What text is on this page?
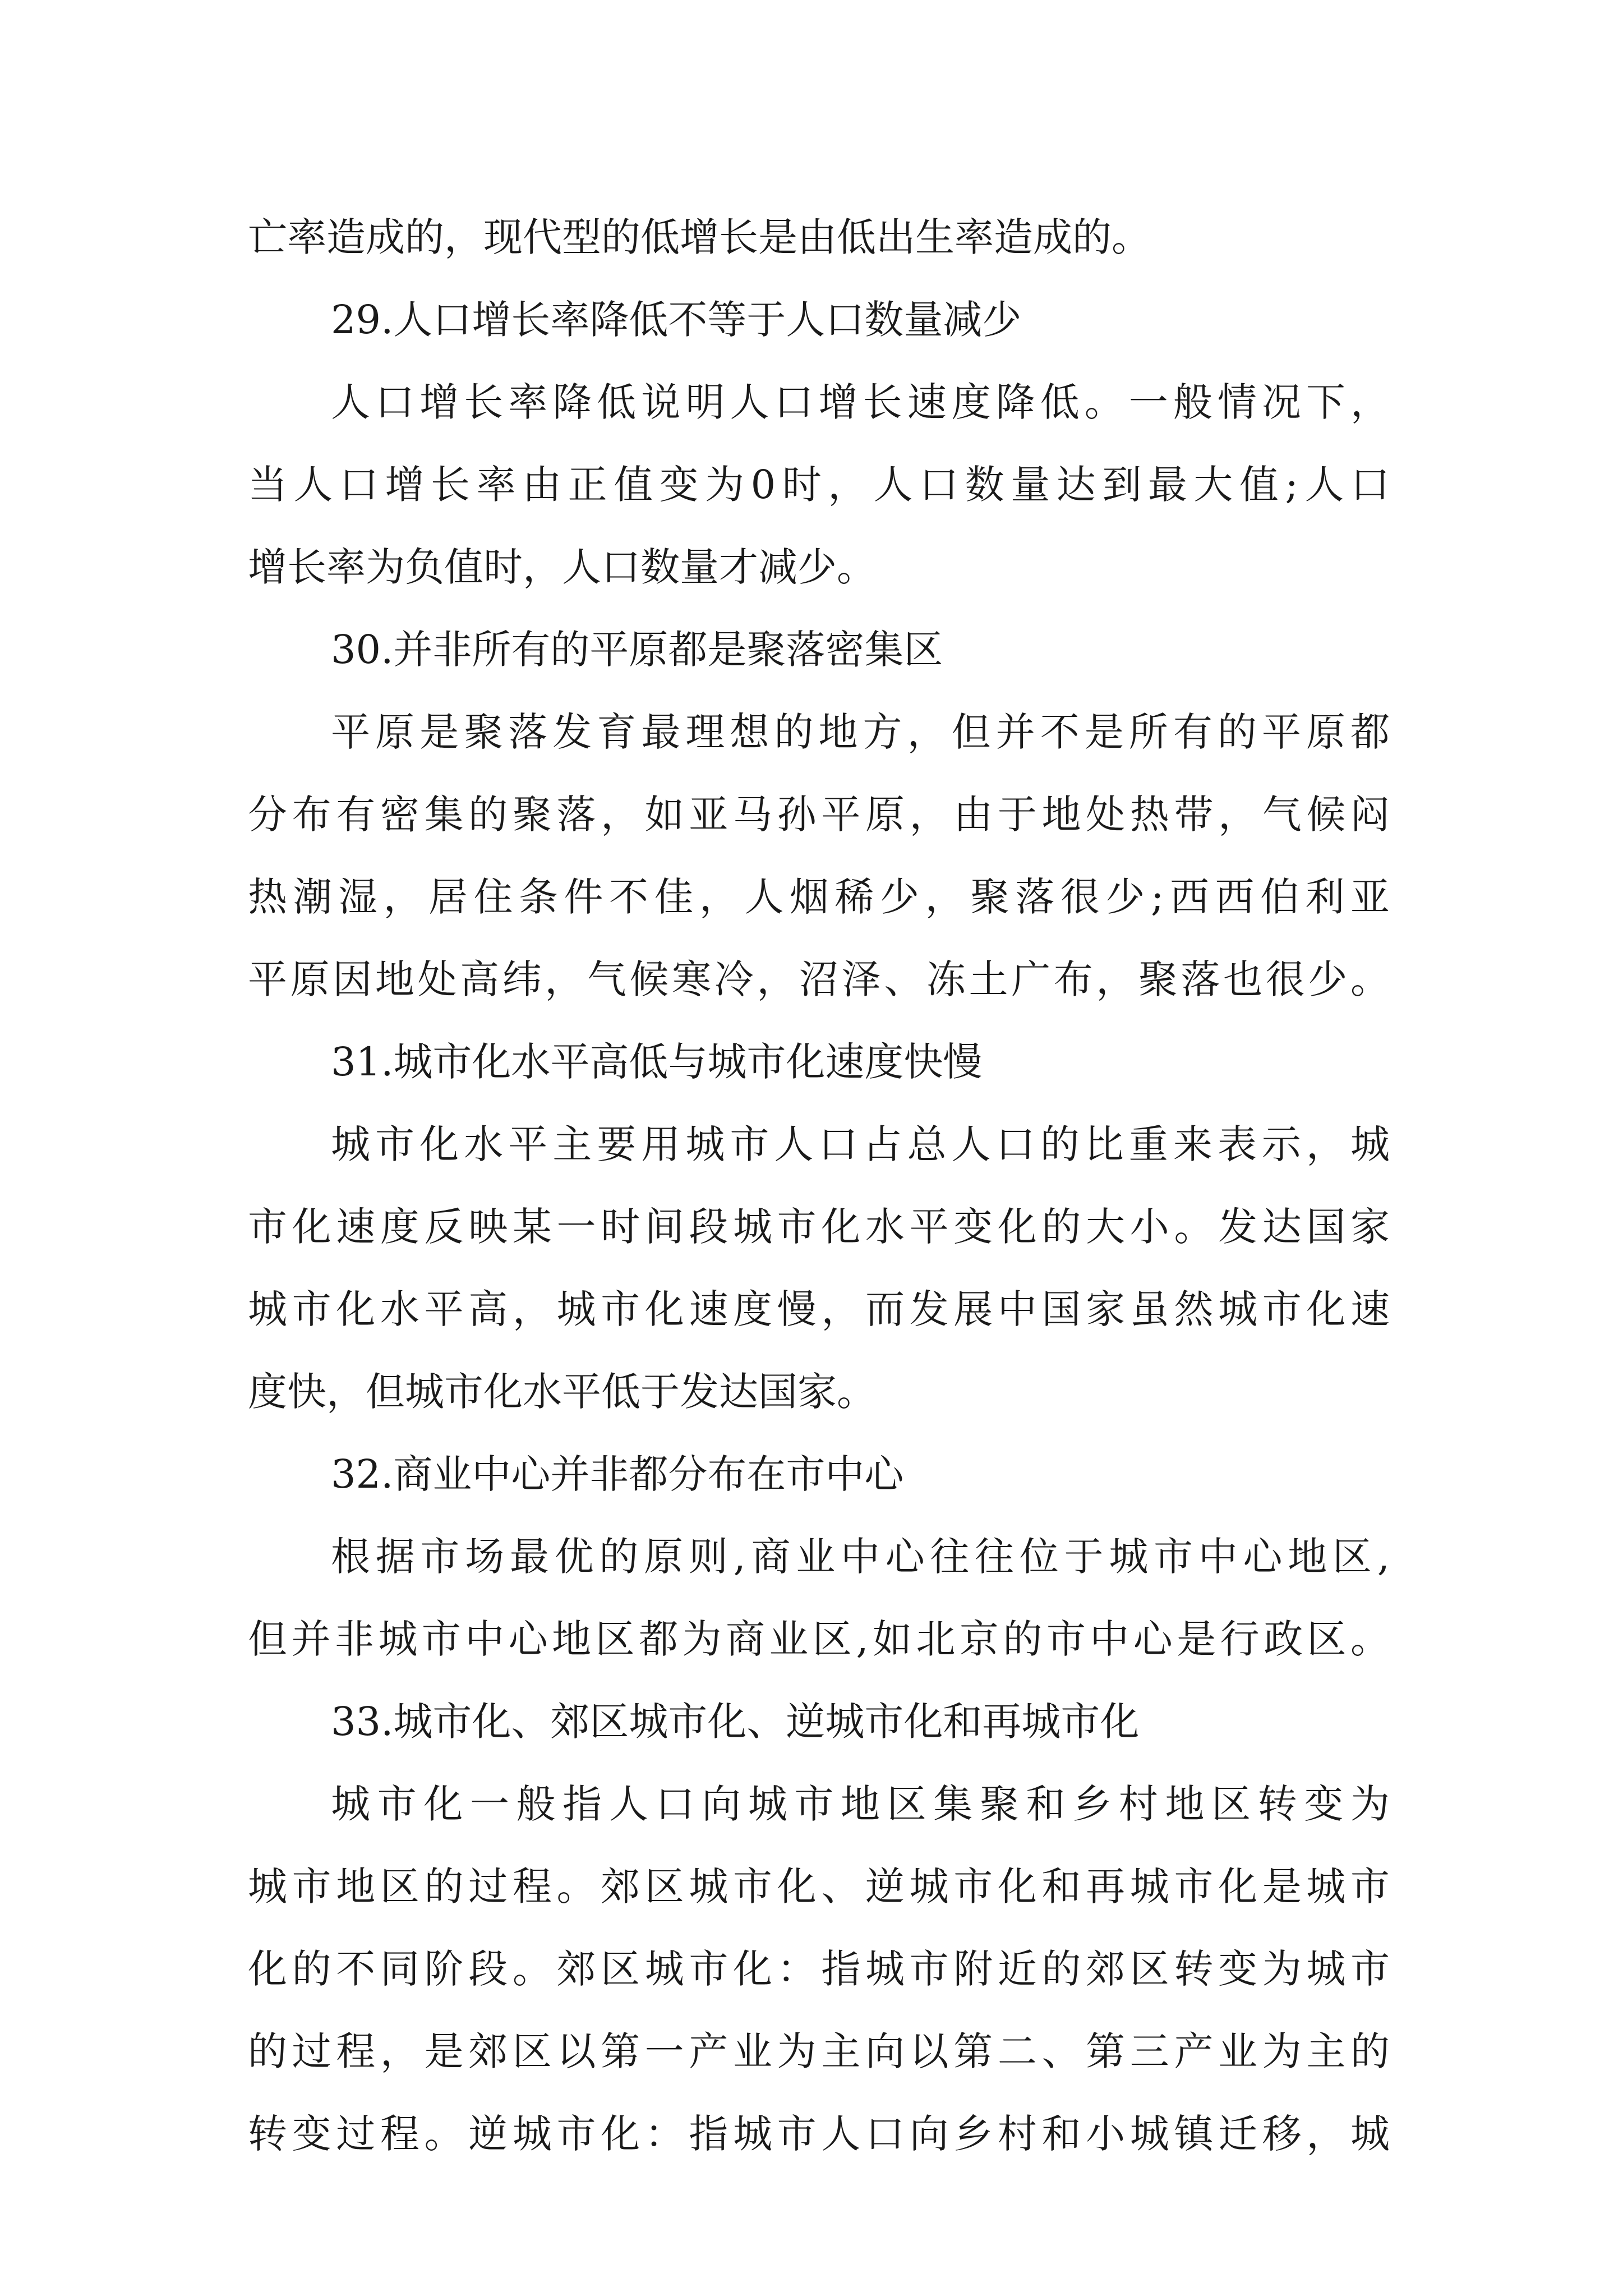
亡率造成的，现代型的低增长是由低出生率造成的。
29.人口增长率降低不等于人口数量减少
人口增长率降低说明人口增长速度降低。一般情况下，
当人口增长率由正值变为0时，人口数量达到最大值;人口
增长率为负值时，人口数量才减少。
30.并非所有的平原都是聚落密集区
平原是聚落发育最理想的地方，但并不是所有的平原都
分布有密集的聚落，如亚马孙平原，由于地处热带，气候闷
热潮湿，居住条件不佳，人烟稀少，聚落很少;西西伯利亚
平原因地处高纬，气候寒冷，沼泽、冻土广布，聚落也很少。
31.城市化水平高低与城市化速度快慢
城市化水平主要用城市人口占总人口的比重来表示，城
市化速度反映某一时间段城市化水平变化的大小。发达国家
城市化水平高，城市化速度慢，而发展中国家虽然城市化速
度快，但城市化水平低于发达国家。
32.商业中心并非都分布在市中心
根据市场最优的原则,商业中心往往位于城市中心地区,
但并非城市中心地区都为商业区,如北京的市中心是行政区。
33.城市化、郊区城市化、逆城市化和再城市化
城市化一般指人口向城市地区集聚和乡村地区转变为
城市地区的过程。郊区城市化、逆城市化和再城市化是城市
化的不同阶段。郊区城市化：指城市附近的郊区转变为城市
的过程，是郊区以第一产业为主向以第二、第三产业为主的
转变过程。逆城市化：指城市人口向乡村和小城镇迁移，城
